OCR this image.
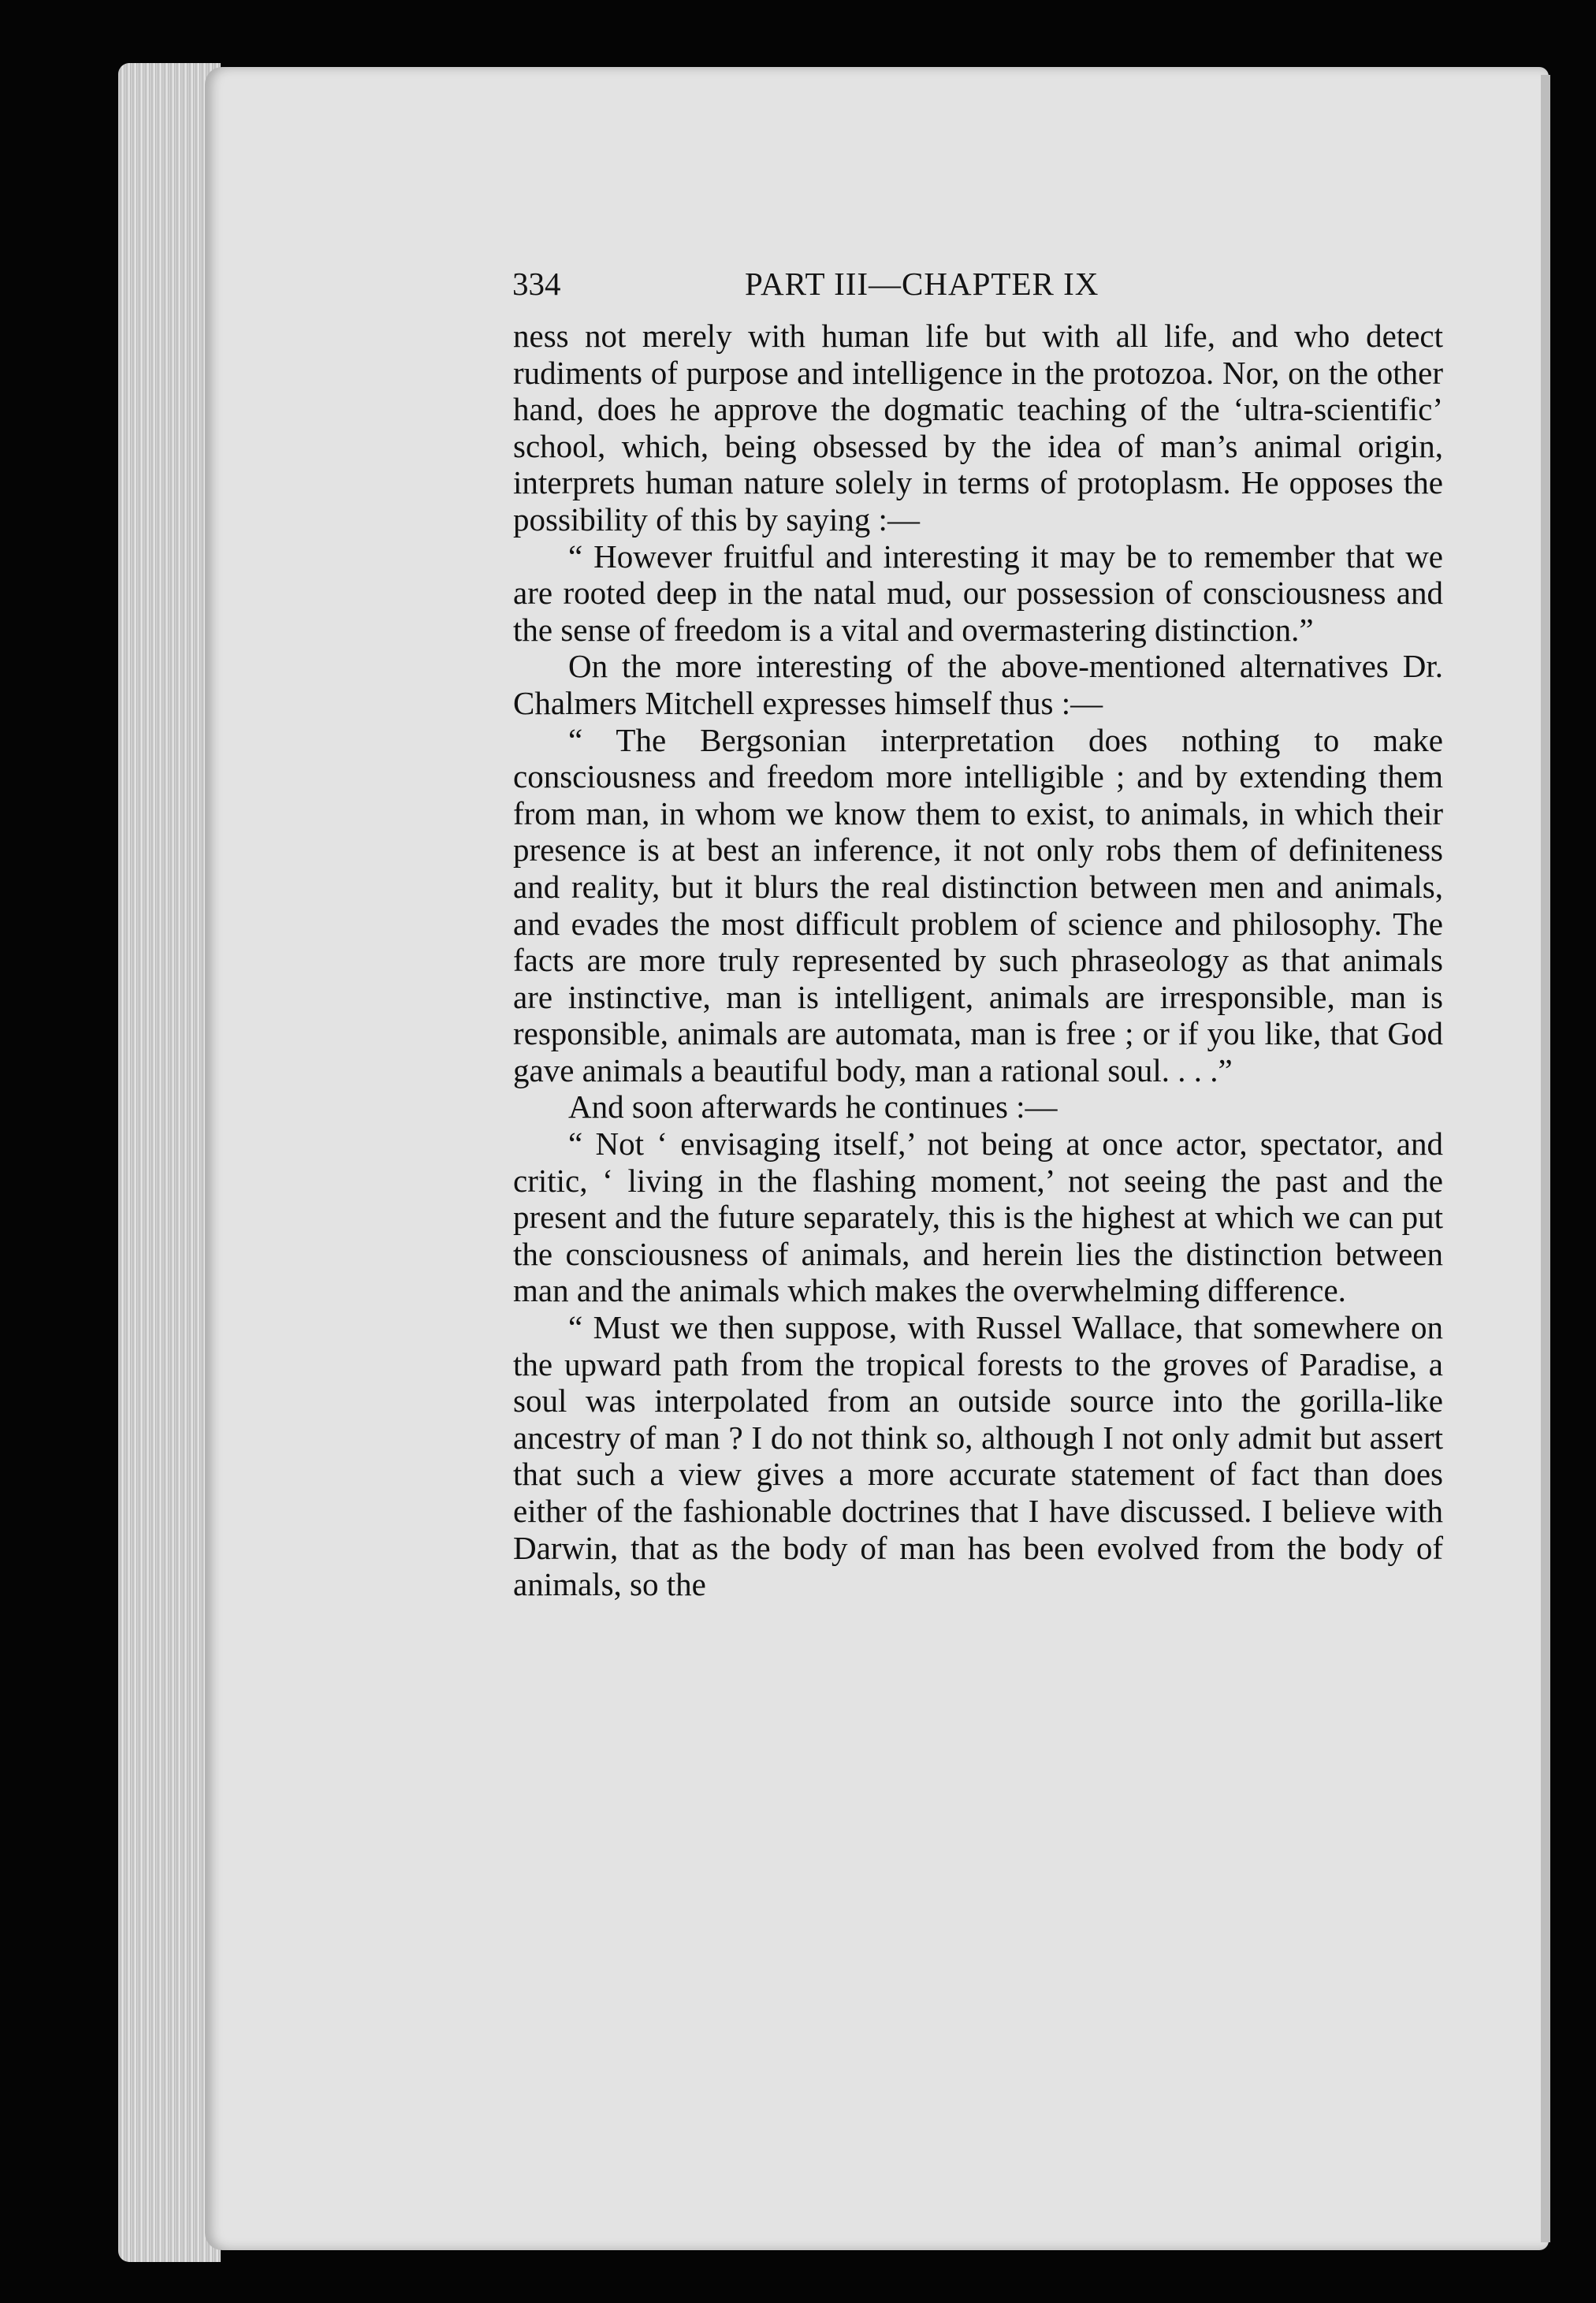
334	PART III—CHAPTER IX

ness not merely with human life but with all life, and who detect rudiments of purpose and intelligence in the protozoa. Nor, on the other hand, does he approve the dogmatic teaching of the ‘ultra-scientific’ school, which, being obsessed by the idea of man’s animal origin, interprets human nature solely in terms of protoplasm. He opposes the possibility of this by saying :—

“ However fruitful and interesting it may be to remember that we are rooted deep in the natal mud, our possession of consciousness and the sense of freedom is a vital and overmastering distinction.”

On the more interesting of the above-mentioned alternatives Dr. Chalmers Mitchell expresses himself thus :—

“ The Bergsonian interpretation does nothing to make consciousness and freedom more intelligible ; and by extending them from man, in whom we know them to exist, to animals, in which their presence is at best an inference, it not only robs them of definiteness and reality, but it blurs the real distinction between men and animals, and evades the most difficult problem of science and philosophy. The facts are more truly represented by such phraseology as that animals are instinctive, man is intelligent, animals are irresponsible, man is responsible, animals are automata, man is free ; or if you like, that God gave animals a beautiful body, man a rational soul. . . .”

And soon afterwards he continues :—

“ Not ‘ envisaging itself,’ not being at once actor, spectator, and critic, ‘ living in the flashing moment,’ not seeing the past and the present and the future separately, this is the highest at which we can put the consciousness of animals, and herein lies the distinction between man and the animals which makes the overwhelming difference.

“ Must we then suppose, with Russel Wallace, that somewhere on the upward path from the tropical forests to the groves of Paradise, a soul was interpolated from an outside source into the gorilla-like ancestry of man ? I do not think so, although I not only admit but assert that such a view gives a more accurate statement of fact than does either of the fashionable doctrines that I have discussed. I believe with Darwin, that as the body of man has been evolved from the body of animals, so the
